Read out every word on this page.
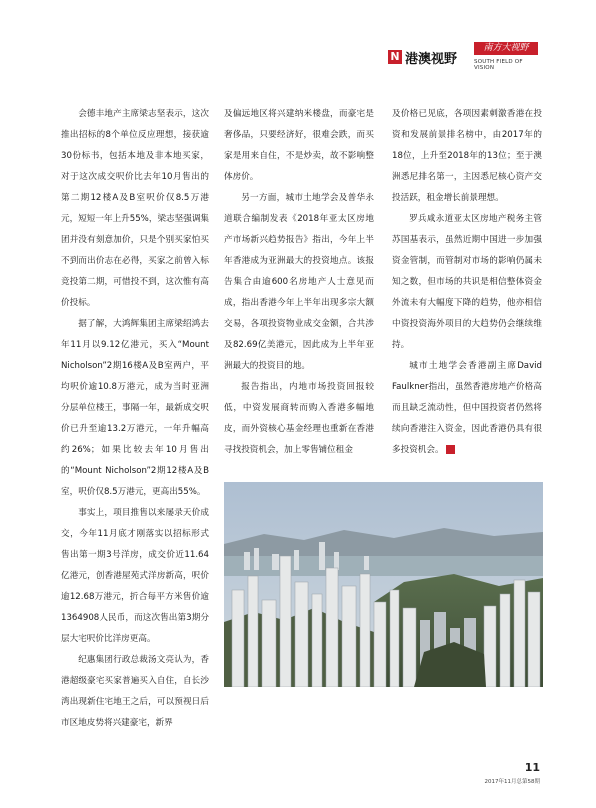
N 港澳视野
南方大视野
SOUTH FIELD OF VISION

会德丰地产主席梁志坚表示，这次推出招标的8个单位反应理想，接获逾30份标书，包括本地及非本地买家，对于这次成交呎价比去年10月售出的第二期12楼A及B室呎价仅8.5万港元，短短一年上升55%，梁志坚强调集团并没有刻意加价，只是个别买家怕买不到而出价志在必得，买家之前曾入标竞投第二期，可惜投不到，这次惟有高价投标。

据了解，大鸿辉集团主席梁绍鸿去年11月以9.12亿港元，买入“Mount Nicholson”2期16楼A及B室两户，平均呎价逾10.8万港元，成为当时亚洲分层单位楼王，事隔一年，最新成交呎价已升至逾13.2万港元，一年升幅高约26%；如果比较去年10月售出的“Mount Nicholson”2期12楼A及B室，呎价仅8.5万港元，更高出55%。

事实上，项目推售以来屡录天价成交，今年11月底才刚落实以招标形式售出第一期3号洋房，成交价近11.64亿港元，创香港屋苑式洋房新高，呎价逾12.68万港元，折合每平方米售价逾1364908人民币，而这次售出第3期分层大宅呎价比洋房更高。

纪惠集团行政总裁汤文亮认为，香港超级豪宅买家普遍买入自住，自长沙湾出现新住宅地王之后，可以预视日后市区地皮势将兴建豪宅，新界

及偏远地区将兴建纳米楼盘，而豪宅是奢侈品，只要经济好，很难会跌，而买家是用来自住，不是炒卖，故不影响整体房价。

另一方面，城市土地学会及普华永道联合编制发表《2018年亚太区房地产市场新兴趋势报告》指出，今年上半年香港成为亚洲最大的投资地点。该报告集合由逾600名房地产人士意见而成，指出香港今年上半年出现多宗大额交易，各项投资物业成交金额，合共涉及82.69亿美港元，因此成为上半年亚洲最大的投资目的地。

报告指出，内地市场投资回报较低，中资发展商转而购入香港多幅地皮，而外资核心基金经理也重新在香港寻找投资机会，加上零售铺位租金

及价格已见底，各项因素刺激香港在投资和发展前景排名榜中，由2017年的18位，上升至2018年的13位；至于澳洲悉尼排名第一，主因悉尼核心资产交投活跃，租金增长前景理想。

罗兵咸永道亚太区房地产税务主管苏国基表示，虽然近期中国进一步加强资金管制，而管制对市场的影响仍属未知之数，但市场的共识是相信整体资金外流未有大幅度下降的趋势，他亦相信中资投资海外项目的大趋势仍会继续维持。

城市土地学会香港副主席David Faulkner指出，虽然香港房地产价格高而且缺乏流动性，但中国投资者仍然将续向香港注入资金，因此香港仍具有很多投资机会。	N

11
2017年11月总第58期
